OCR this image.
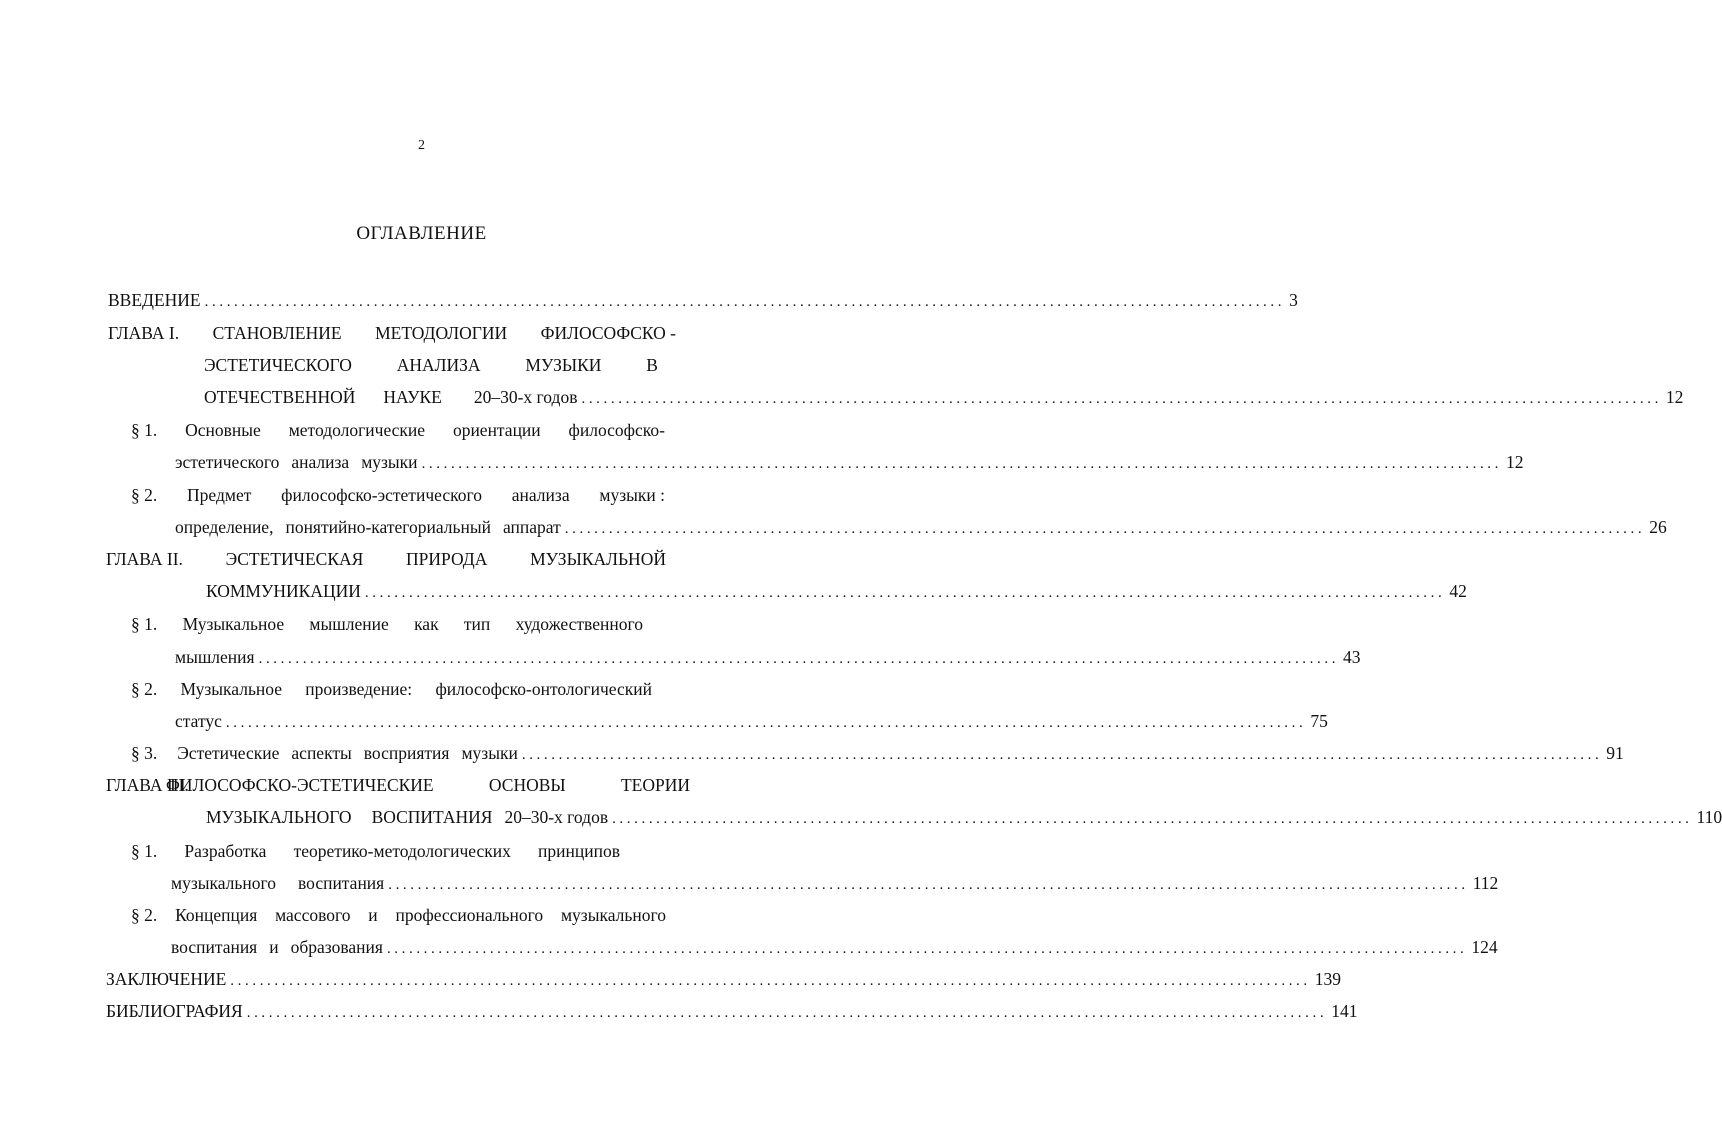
2
ОГЛАВЛЕНИЕ
ВВЕДЕНИЕ ................................................................................................................................................... 3
ГЛАВА I. СТАНОВЛЕНИЕ МЕТОДОЛОГИИ ФИЛОСОФСКО -
ЭСТЕТИЧЕСКОГО	АНАЛИЗА	МУЗЫКИ	В
ОТЕЧЕСТВЕННОЙ НАУКЕ 20–30-х годов ................................................................................................................................................... 12
§ 1. Основные методологические ориентации философско-
эстетического анализа музыки ................................................................................................................................................... 12
§ 2. Предмет философско-эстетического анализа музыки :
определение, понятийно-категориальный аппарат ................................................................................................................................................... 26
ГЛАВА II. ЭСТЕТИЧЕСКАЯ ПРИРОДА МУЗЫКАЛЬНОЙ
КОММУНИКАЦИИ ................................................................................................................................................... 42
§ 1. Музыкальное мышление как тип художественного
мышления ................................................................................................................................................... 43
§ 2. Музыкальное произведение: философско-онтологический
статус ................................................................................................................................................... 75
§ 3. Эстетические аспекты восприятия музыки ................................................................................................................................................... 91
ГЛАВА III.
ФИЛОСОФСКО-ЭСТЕТИЧЕСКИЕ	ОСНОВЫ	ТЕОРИИ
МУЗЫКАЛЬНОГО ВОСПИТАНИЯ 20–30-х годов ................................................................................................................................................... 110
§ 1. Разработка теоретико-методологических принципов
музыкального воспитания ................................................................................................................................................... 112
§ 2. Концепция массового и профессионального музыкального
воспитания и образования ................................................................................................................................................... 124
ЗАКЛЮЧЕНИЕ ................................................................................................................................................... 139
БИБЛИОГРАФИЯ ................................................................................................................................................... 141
